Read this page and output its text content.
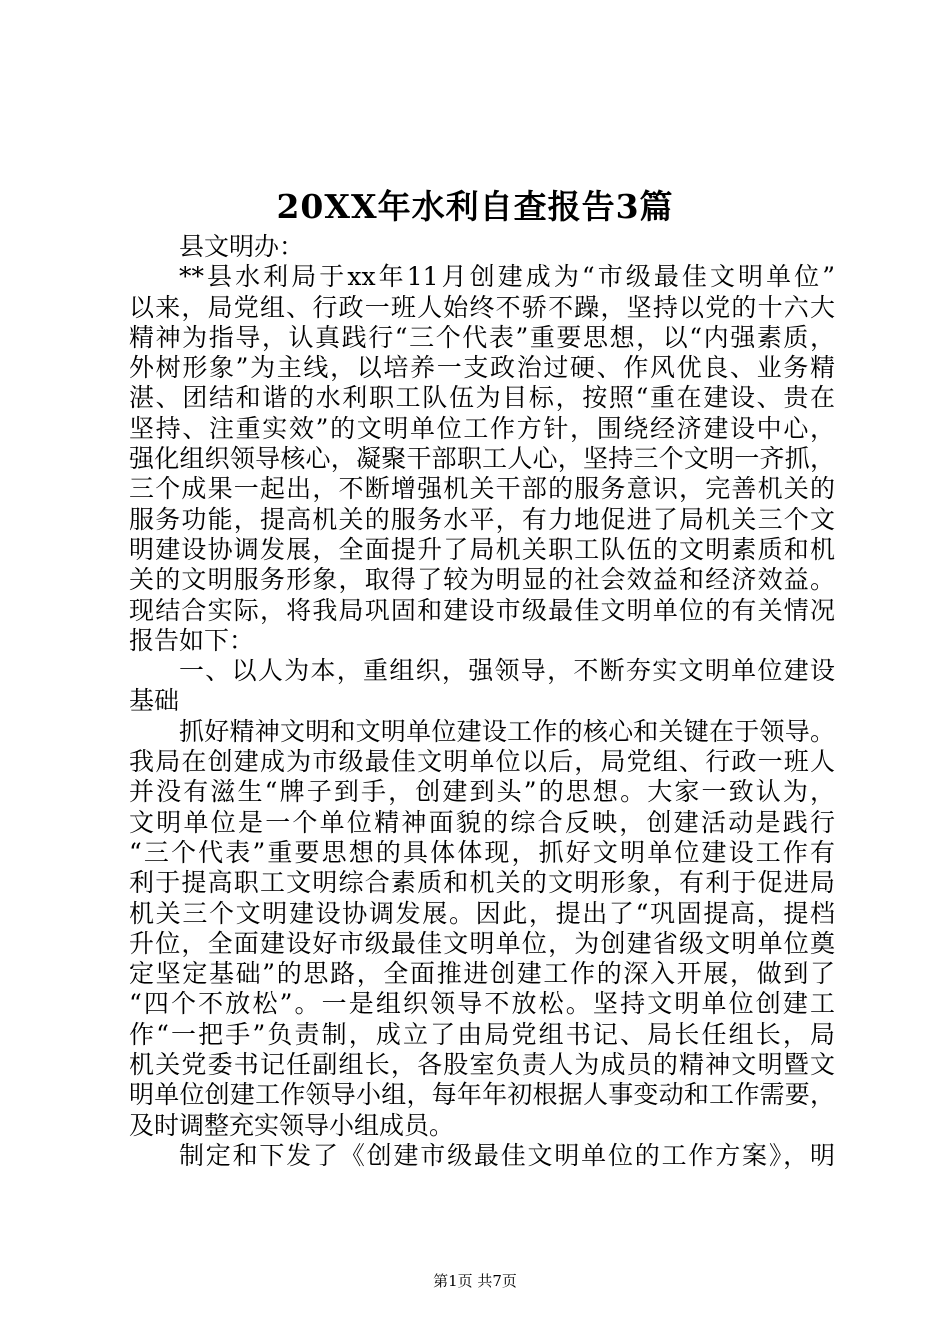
20XX年水利自查报告3篇
县文明办：
**县水利局于xx年11月创建成为“市级最佳文明单位”
以来，局党组、行政一班人始终不骄不躁，坚持以党的十六大
精神为指导，认真践行“三个代表”重要思想，以“内强素质，
外树形象”为主线，以培养一支政治过硬、作风优良、业务精
湛、团结和谐的水利职工队伍为目标，按照“重在建设、贵在
坚持、注重实效”的文明单位工作方针，围绕经济建设中心，
强化组织领导核心，凝聚干部职工人心，坚持三个文明一齐抓，
三个成果一起出，不断增强机关干部的服务意识，完善机关的
服务功能，提高机关的服务水平，有力地促进了局机关三个文
明建设协调发展，全面提升了局机关职工队伍的文明素质和机
关的文明服务形象，取得了较为明显的社会效益和经济效益。
现结合实际，将我局巩固和建设市级最佳文明单位的有关情况
报告如下：
一、以人为本，重组织，强领导，不断夯实文明单位建设
基础
抓好精神文明和文明单位建设工作的核心和关键在于领导。
我局在创建成为市级最佳文明单位以后，局党组、行政一班人
并没有滋生“牌子到手，创建到头”的思想。大家一致认为，
文明单位是一个单位精神面貌的综合反映，创建活动是践行
“三个代表”重要思想的具体体现，抓好文明单位建设工作有
利于提高职工文明综合素质和机关的文明形象，有利于促进局
机关三个文明建设协调发展。因此，提出了“巩固提高，提档
升位，全面建设好市级最佳文明单位，为创建省级文明单位奠
定坚定基础”的思路，全面推进创建工作的深入开展，做到了
“四个不放松”。一是组织领导不放松。坚持文明单位创建工
作“一把手”负责制，成立了由局党组书记、局长任组长，局
机关党委书记任副组长，各股室负责人为成员的精神文明暨文
明单位创建工作领导小组，每年年初根据人事变动和工作需要，
及时调整充实领导小组成员。
制定和下发了《创建市级最佳文明单位的工作方案》，明
第1页 共7页
